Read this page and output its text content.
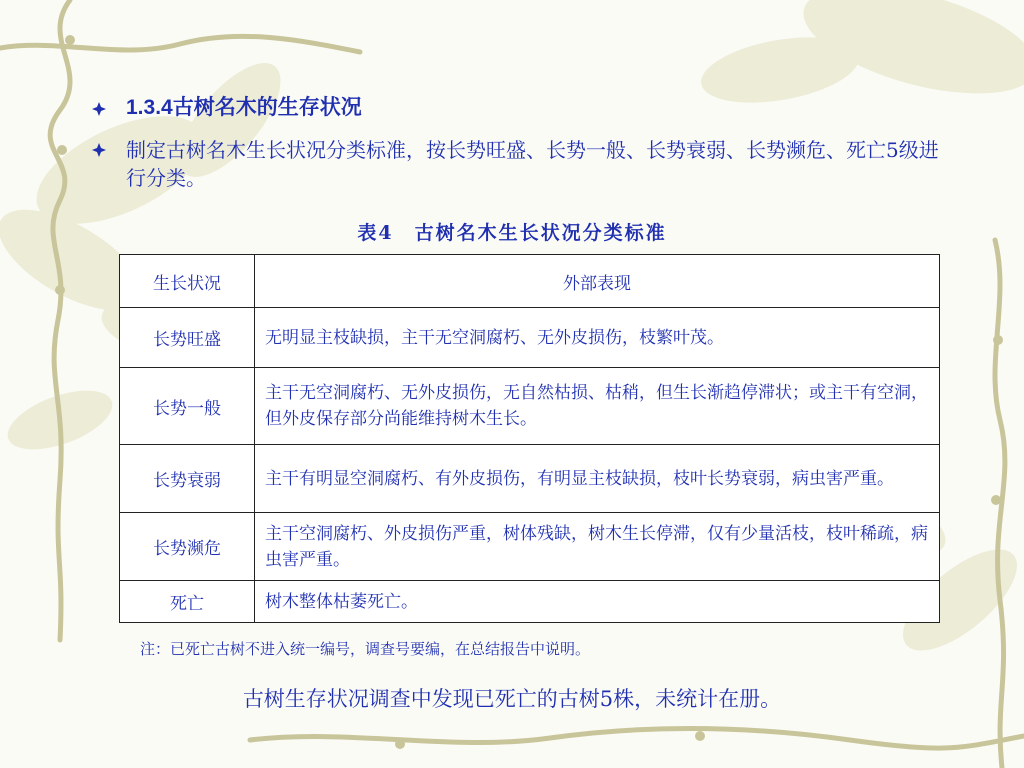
1.3.4古树名木的生存状况
制定古树名木生长状况分类标准，按长势旺盛、长势一般、长势衰弱、长势濒危、死亡5级进行分类。
表4　古树名木生长状况分类标准
生长状况	外部表现
长势旺盛	无明显主枝缺损，主干无空洞腐朽、无外皮损伤，枝繁叶茂。
长势一般	主干无空洞腐朽、无外皮损伤，无自然枯损、枯稍，但生长渐趋停滞状；或主干有空洞，但外皮保存部分尚能维持树木生长。
长势衰弱	主干有明显空洞腐朽、有外皮损伤，有明显主枝缺损，枝叶长势衰弱，病虫害严重。
长势濒危	主干空洞腐朽、外皮损伤严重，树体残缺，树木生长停滞，仅有少量活枝，枝叶稀疏，病虫害严重。
死亡	树木整体枯萎死亡。
注：已死亡古树不进入统一编号，调查号要编，在总结报告中说明。
古树生存状况调查中发现已死亡的古树5株，未统计在册。
